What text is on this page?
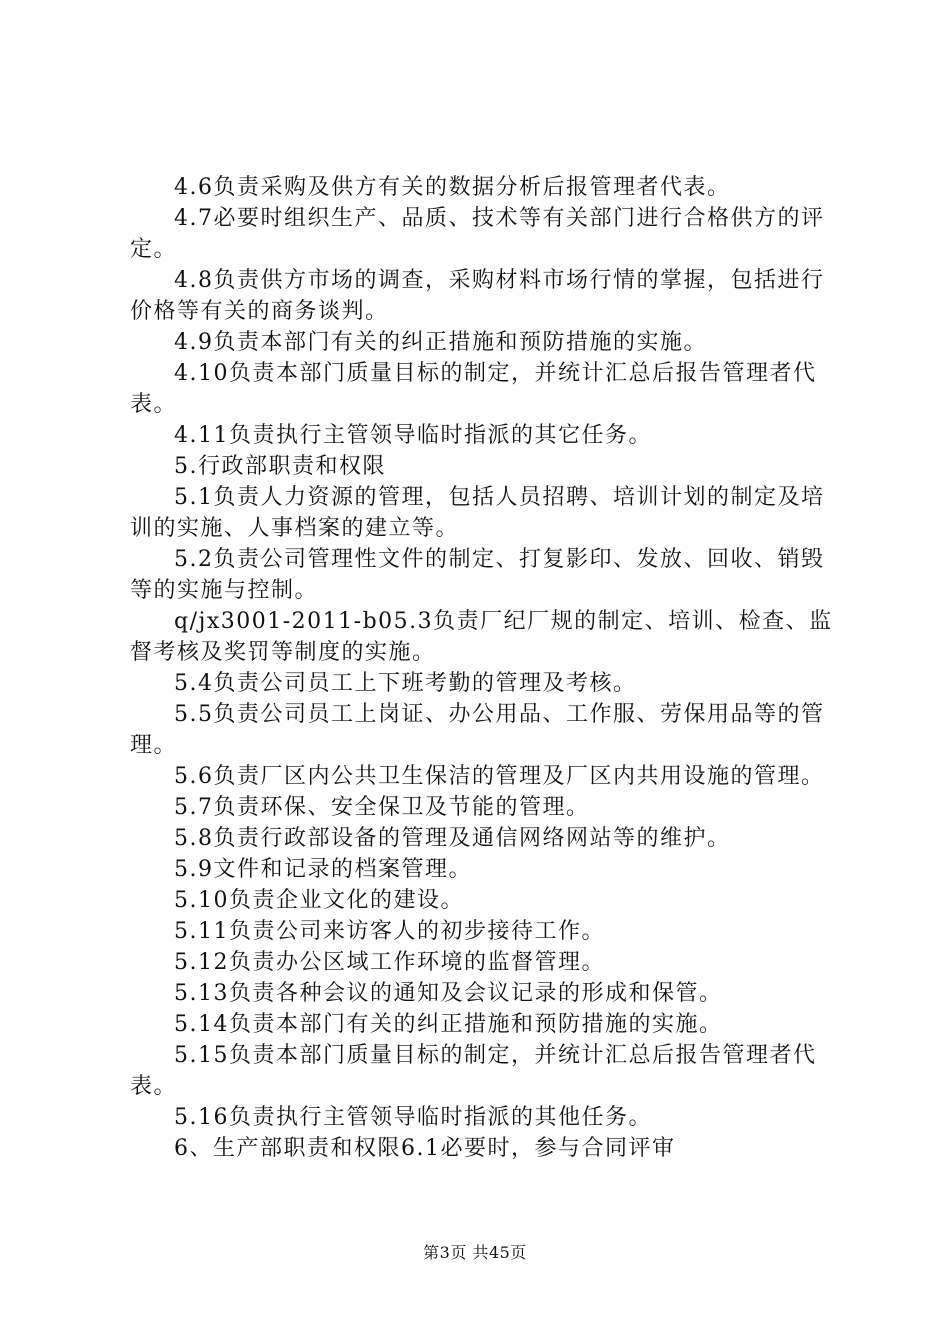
4.6负责采购及供方有关的数据分析后报管理者代表。

4.7必要时组织生产、品质、技术等有关部门进行合格供方的评定。

4.8负责供方市场的调查，采购材料市场行情的掌握，包括进行价格等有关的商务谈判。

4.9负责本部门有关的纠正措施和预防措施的实施。

4.10负责本部门质量目标的制定，并统计汇总后报告管理者代表。

4.11负责执行主管领导临时指派的其它任务。

5.行政部职责和权限

5.1负责人力资源的管理，包括人员招聘、培训计划的制定及培训的实施、人事档案的建立等。

5.2负责公司管理性文件的制定、打复影印、发放、回收、销毁等的实施与控制。

q/jx3001-2011-b05.3负责厂纪厂规的制定、培训、检查、监督考核及奖罚等制度的实施。

5.4负责公司员工上下班考勤的管理及考核。

5.5负责公司员工上岗证、办公用品、工作服、劳保用品等的管理。

5.6负责厂区内公共卫生保洁的管理及厂区内共用设施的管理。

5.7负责环保、安全保卫及节能的管理。

5.8负责行政部设备的管理及通信网络网站等的维护。

5.9文件和记录的档案管理。

5.10负责企业文化的建设。

5.11负责公司来访客人的初步接待工作。

5.12负责办公区域工作环境的监督管理。

5.13负责各种会议的通知及会议记录的形成和保管。

5.14负责本部门有关的纠正措施和预防措施的实施。

5.15负责本部门质量目标的制定，并统计汇总后报告管理者代表。

5.16负责执行主管领导临时指派的其他任务。

6、生产部职责和权限6.1必要时，参与合同评审

第3页 共45页
